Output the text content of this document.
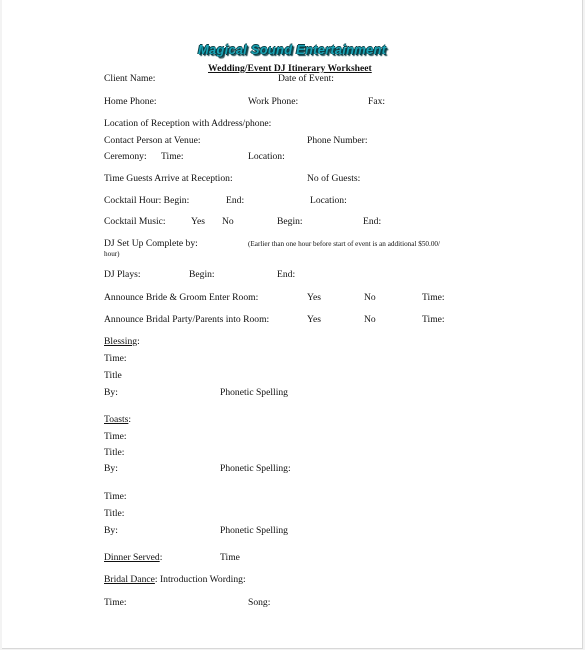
Magical Sound Entertainment
Wedding/Event DJ Itinerary Worksheet
Client Name:	Date of Event:
Home Phone:	Work Phone:	Fax:
Location of Reception with Address/phone:
Contact Person at Venue:	Phone Number:
Ceremony: Time:	Location:
Time Guests Arrive at Reception:	No of Guests:
Cocktail Hour: Begin:	End:	Location:
Cocktail Music:	Yes No	Begin:	End:
DJ Set Up Complete by:	(Earlier than one hour before start of event is an additional $50.00/
hour)
DJ Plays:	Begin:	End:
Announce Bride & Groom Enter Room:	Yes	No	Time:
Announce Bridal Party/Parents into Room:	Yes	No	Time:
Blessing:
Time:
Title
By:	Phonetic Spelling
Toasts:
Time:
Title:
By:	Phonetic Spelling:
Time:
Title:
By:	Phonetic Spelling
Dinner Served:	Time
Bridal Dance: Introduction Wording:
Time:	Song:
